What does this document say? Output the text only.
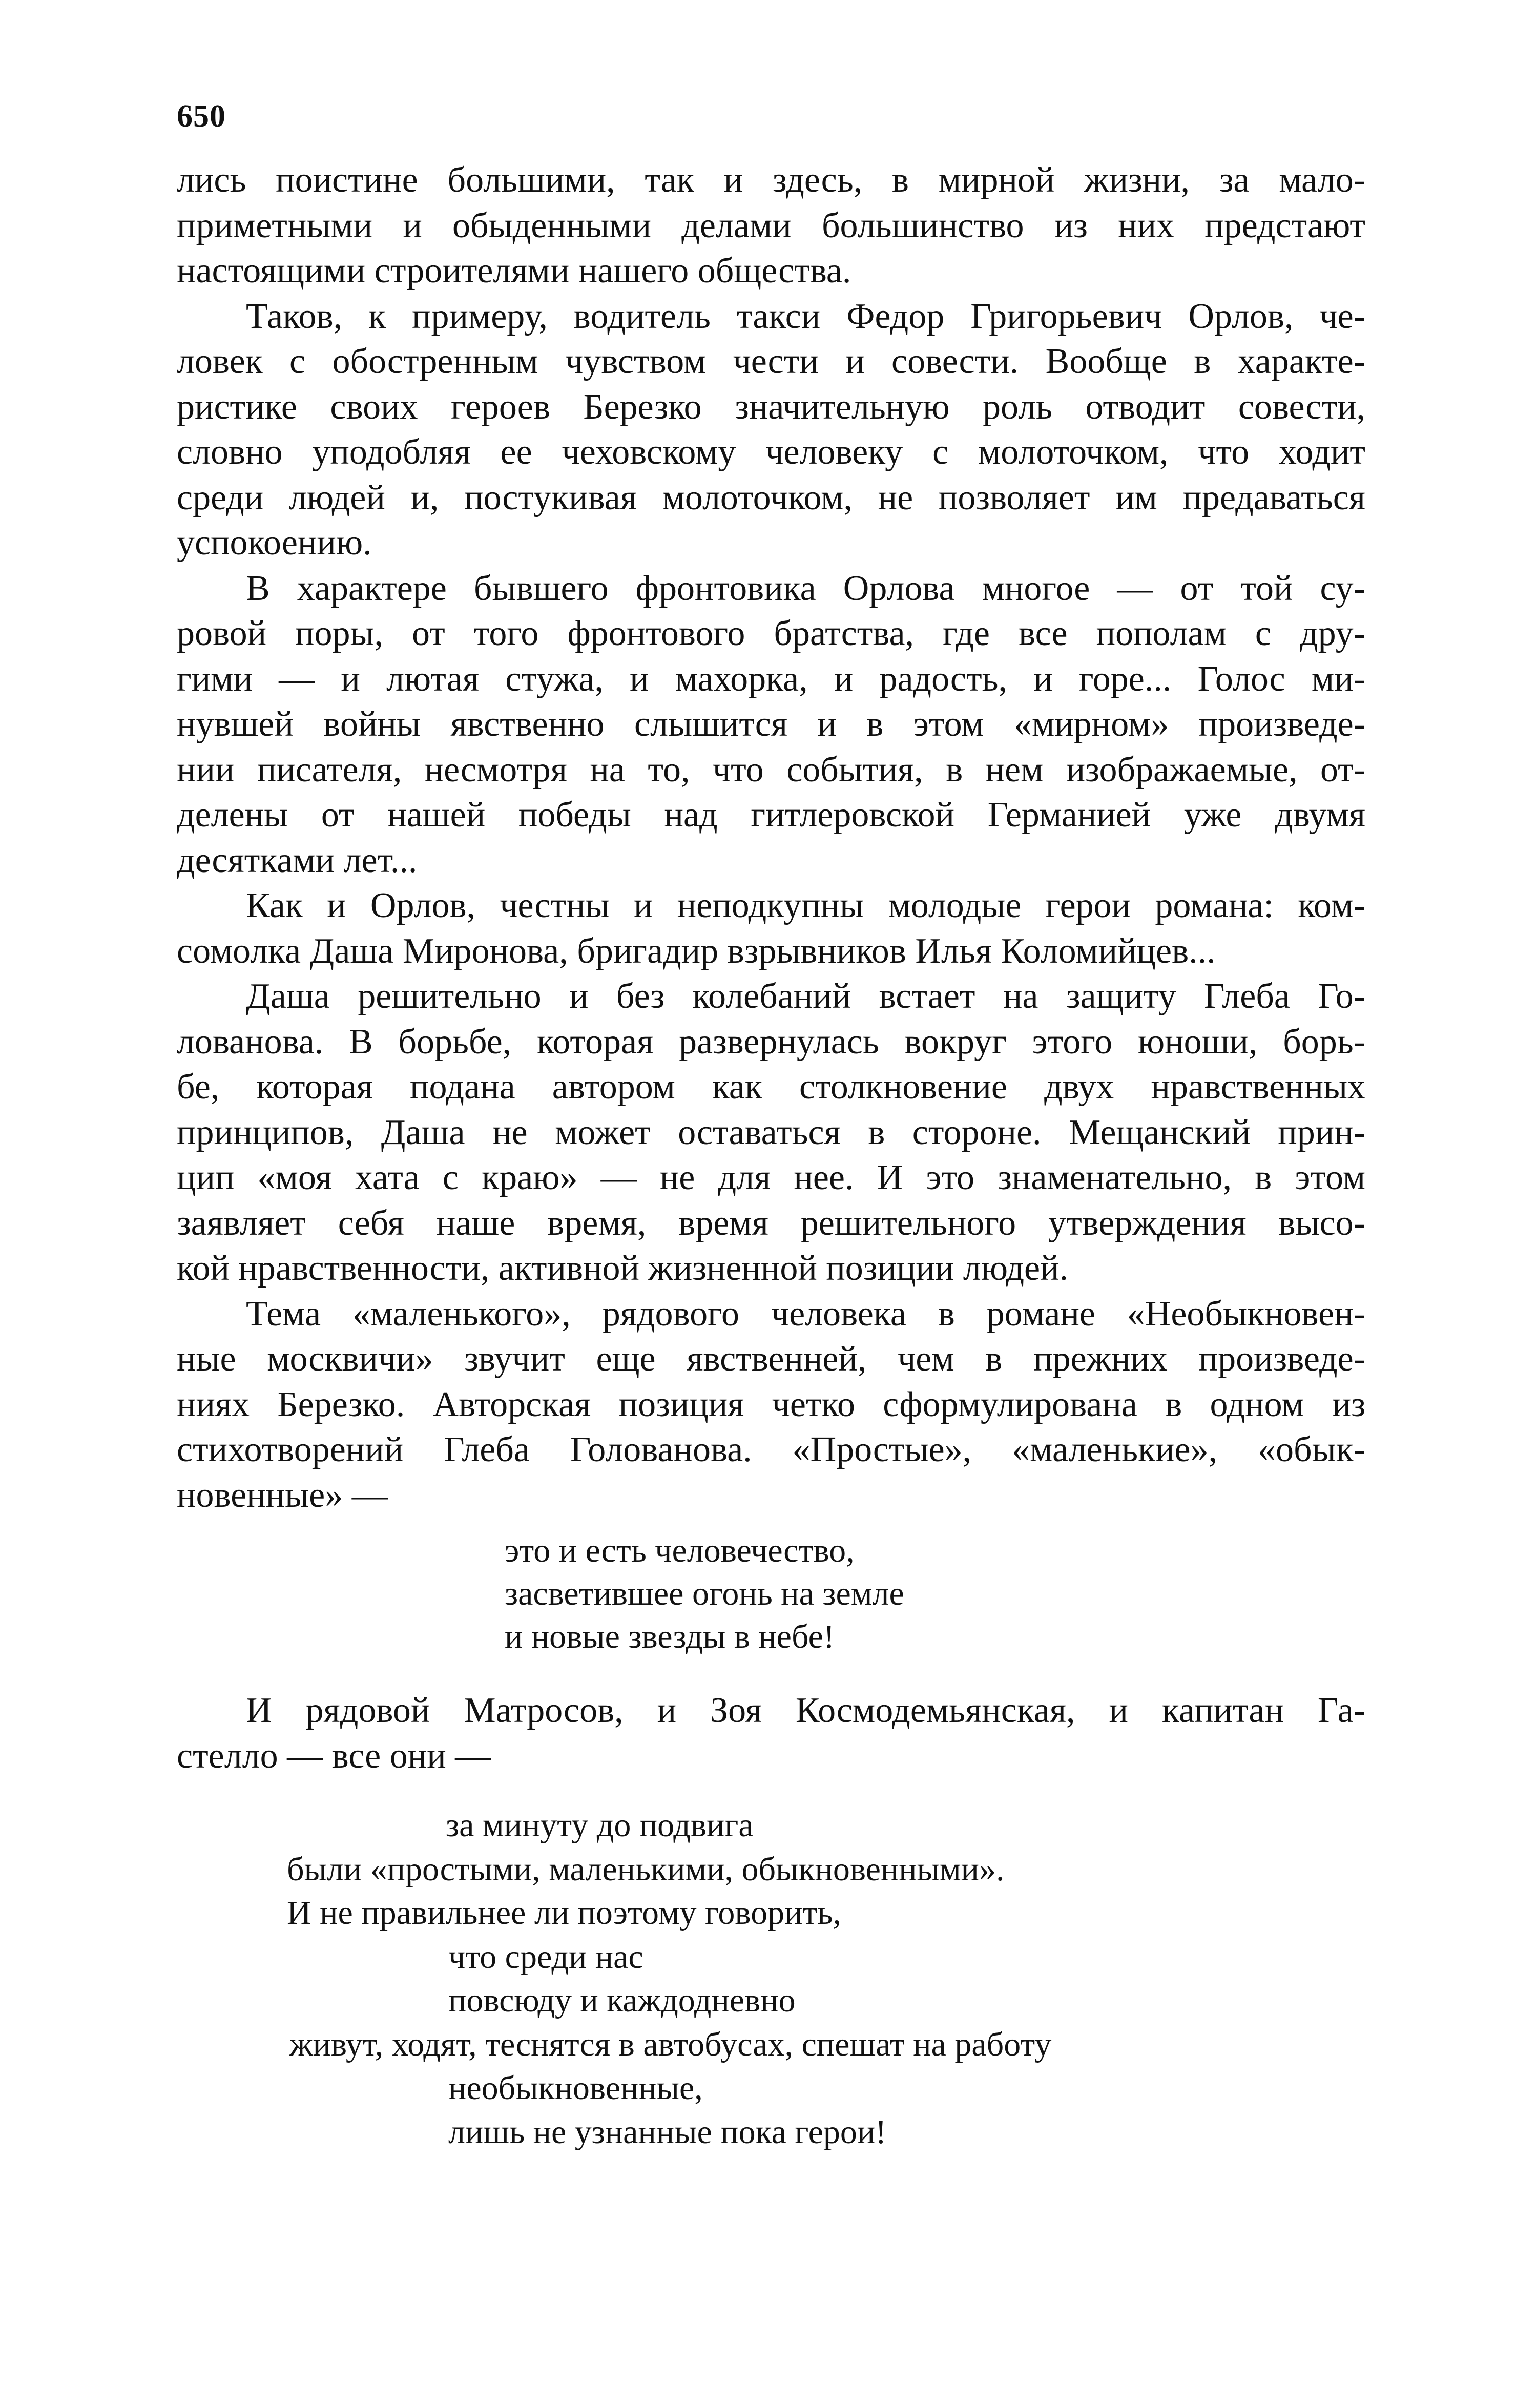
650
лись поистине большими, так и здесь, в мирной жизни, за мало-
приметными и обыденными делами большинство из них предстают
настоящими строителями нашего общества.
Таков, к примеру, водитель такси Федор Григорьевич Орлов, че-
ловек с обостренным чувством чести и совести. Вообще в характе-
ристике своих героев Березко значительную роль отводит совести,
словно уподобляя ее чеховскому человеку с молоточком, что ходит
среди людей и, постукивая молоточком, не позволяет им предаваться
успокоению.
В характере бывшего фронтовика Орлова многое — от той су-
ровой поры, от того фронтового братства, где все пополам с дру-
гими — и лютая стужа, и махорка, и радость, и горе... Голос ми-
нувшей войны явственно слышится и в этом «мирном» произведе-
нии писателя, несмотря на то, что события, в нем изображаемые, от-
делены от нашей победы над гитлеровской Германией уже двумя
десятками лет...
Как и Орлов, честны и неподкупны молодые герои романа: ком-
сомолка Даша Миронова, бригадир взрывников Илья Коломийцев...
Даша решительно и без колебаний встает на защиту Глеба Го-
лованова. В борьбе, которая развернулась вокруг этого юноши, борь-
бе, которая подана автором как столкновение двух нравственных
принципов, Даша не может оставаться в стороне. Мещанский прин-
цип «моя хата с краю» — не для нее. И это знаменательно, в этом
заявляет себя наше время, время решительного утверждения высо-
кой нравственности, активной жизненной позиции людей.
Тема «маленького», рядового человека в романе «Необыкновен-
ные москвичи» звучит еще явственней, чем в прежних произведе-
ниях Березко. Авторская позиция четко сформулирована в одном из
стихотворений Глеба Голованова. «Простые», «маленькие», «обык-
новенные» —
это и есть человечество,
засветившее огонь на земле
и новые звезды в небе!
И рядовой Матросов, и Зоя Космодемьянская, и капитан Га-
стелло — все они —
за минуту до подвига
были «простыми, маленькими, обыкновенными».
И не правильнее ли поэтому говорить,
что среди нас
повсюду и каждодневно
живут, ходят, теснятся в автобусах, спешат на работу
необыкновенные,
лишь не узнанные пока герои!
